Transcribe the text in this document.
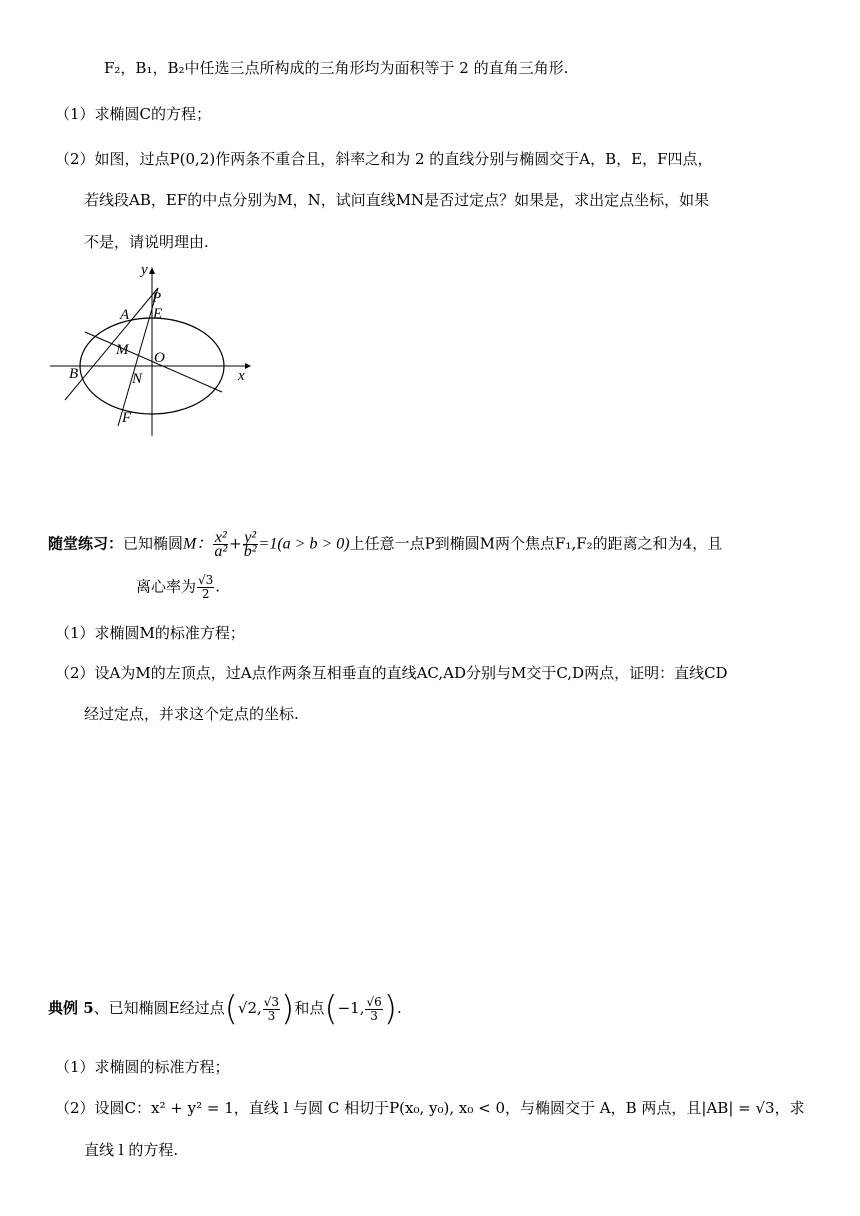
F₂，B₁，B₂中任选三点所构成的三角形均为面积等于 2 的直角三角形.
（1）求椭圆C的方程；
（2）如图，过点P(0,2)作两条不重合且，斜率之和为 2 的直线分别与椭圆交于A，B，E，F四点，
若线段AB，EF的中点分别为M，N，试问直线MN是否过定点？如果是，求出定点坐标，如果
不是，请说明理由.
y
P
A E
M O
B	N	x
F
随堂练习：已知椭圆M： $\frac{\text{x²}}{\text{a²}} + \frac{\text{y²}}{\text{b²}} =1(a > b > 0)$上任意一点P到椭圆M两个焦点F₁,F₂的距离之和为4，且
离心率为 $\frac{√3}{2}$ .
（1）求椭圆M的标准方程；
（2）设A为M的左顶点，过A点作两条互相垂直的直线AC,AD分别与M交于C,D两点，证明：直线CD
经过定点，并求这个定点的坐标.
典例 5、已知椭圆E经过点(√2, $\frac{√3}{3}$ )和点(−1, $\frac{√6}{3}$ ).
（1）求椭圆的标准方程；
（2）设圆C：x² + y² = 1，直线 l 与圆 C 相切于P(x₀, y₀), x₀ < 0，与椭圆交于 A，B 两点，且|AB| = √3，求
直线 l 的方程.
